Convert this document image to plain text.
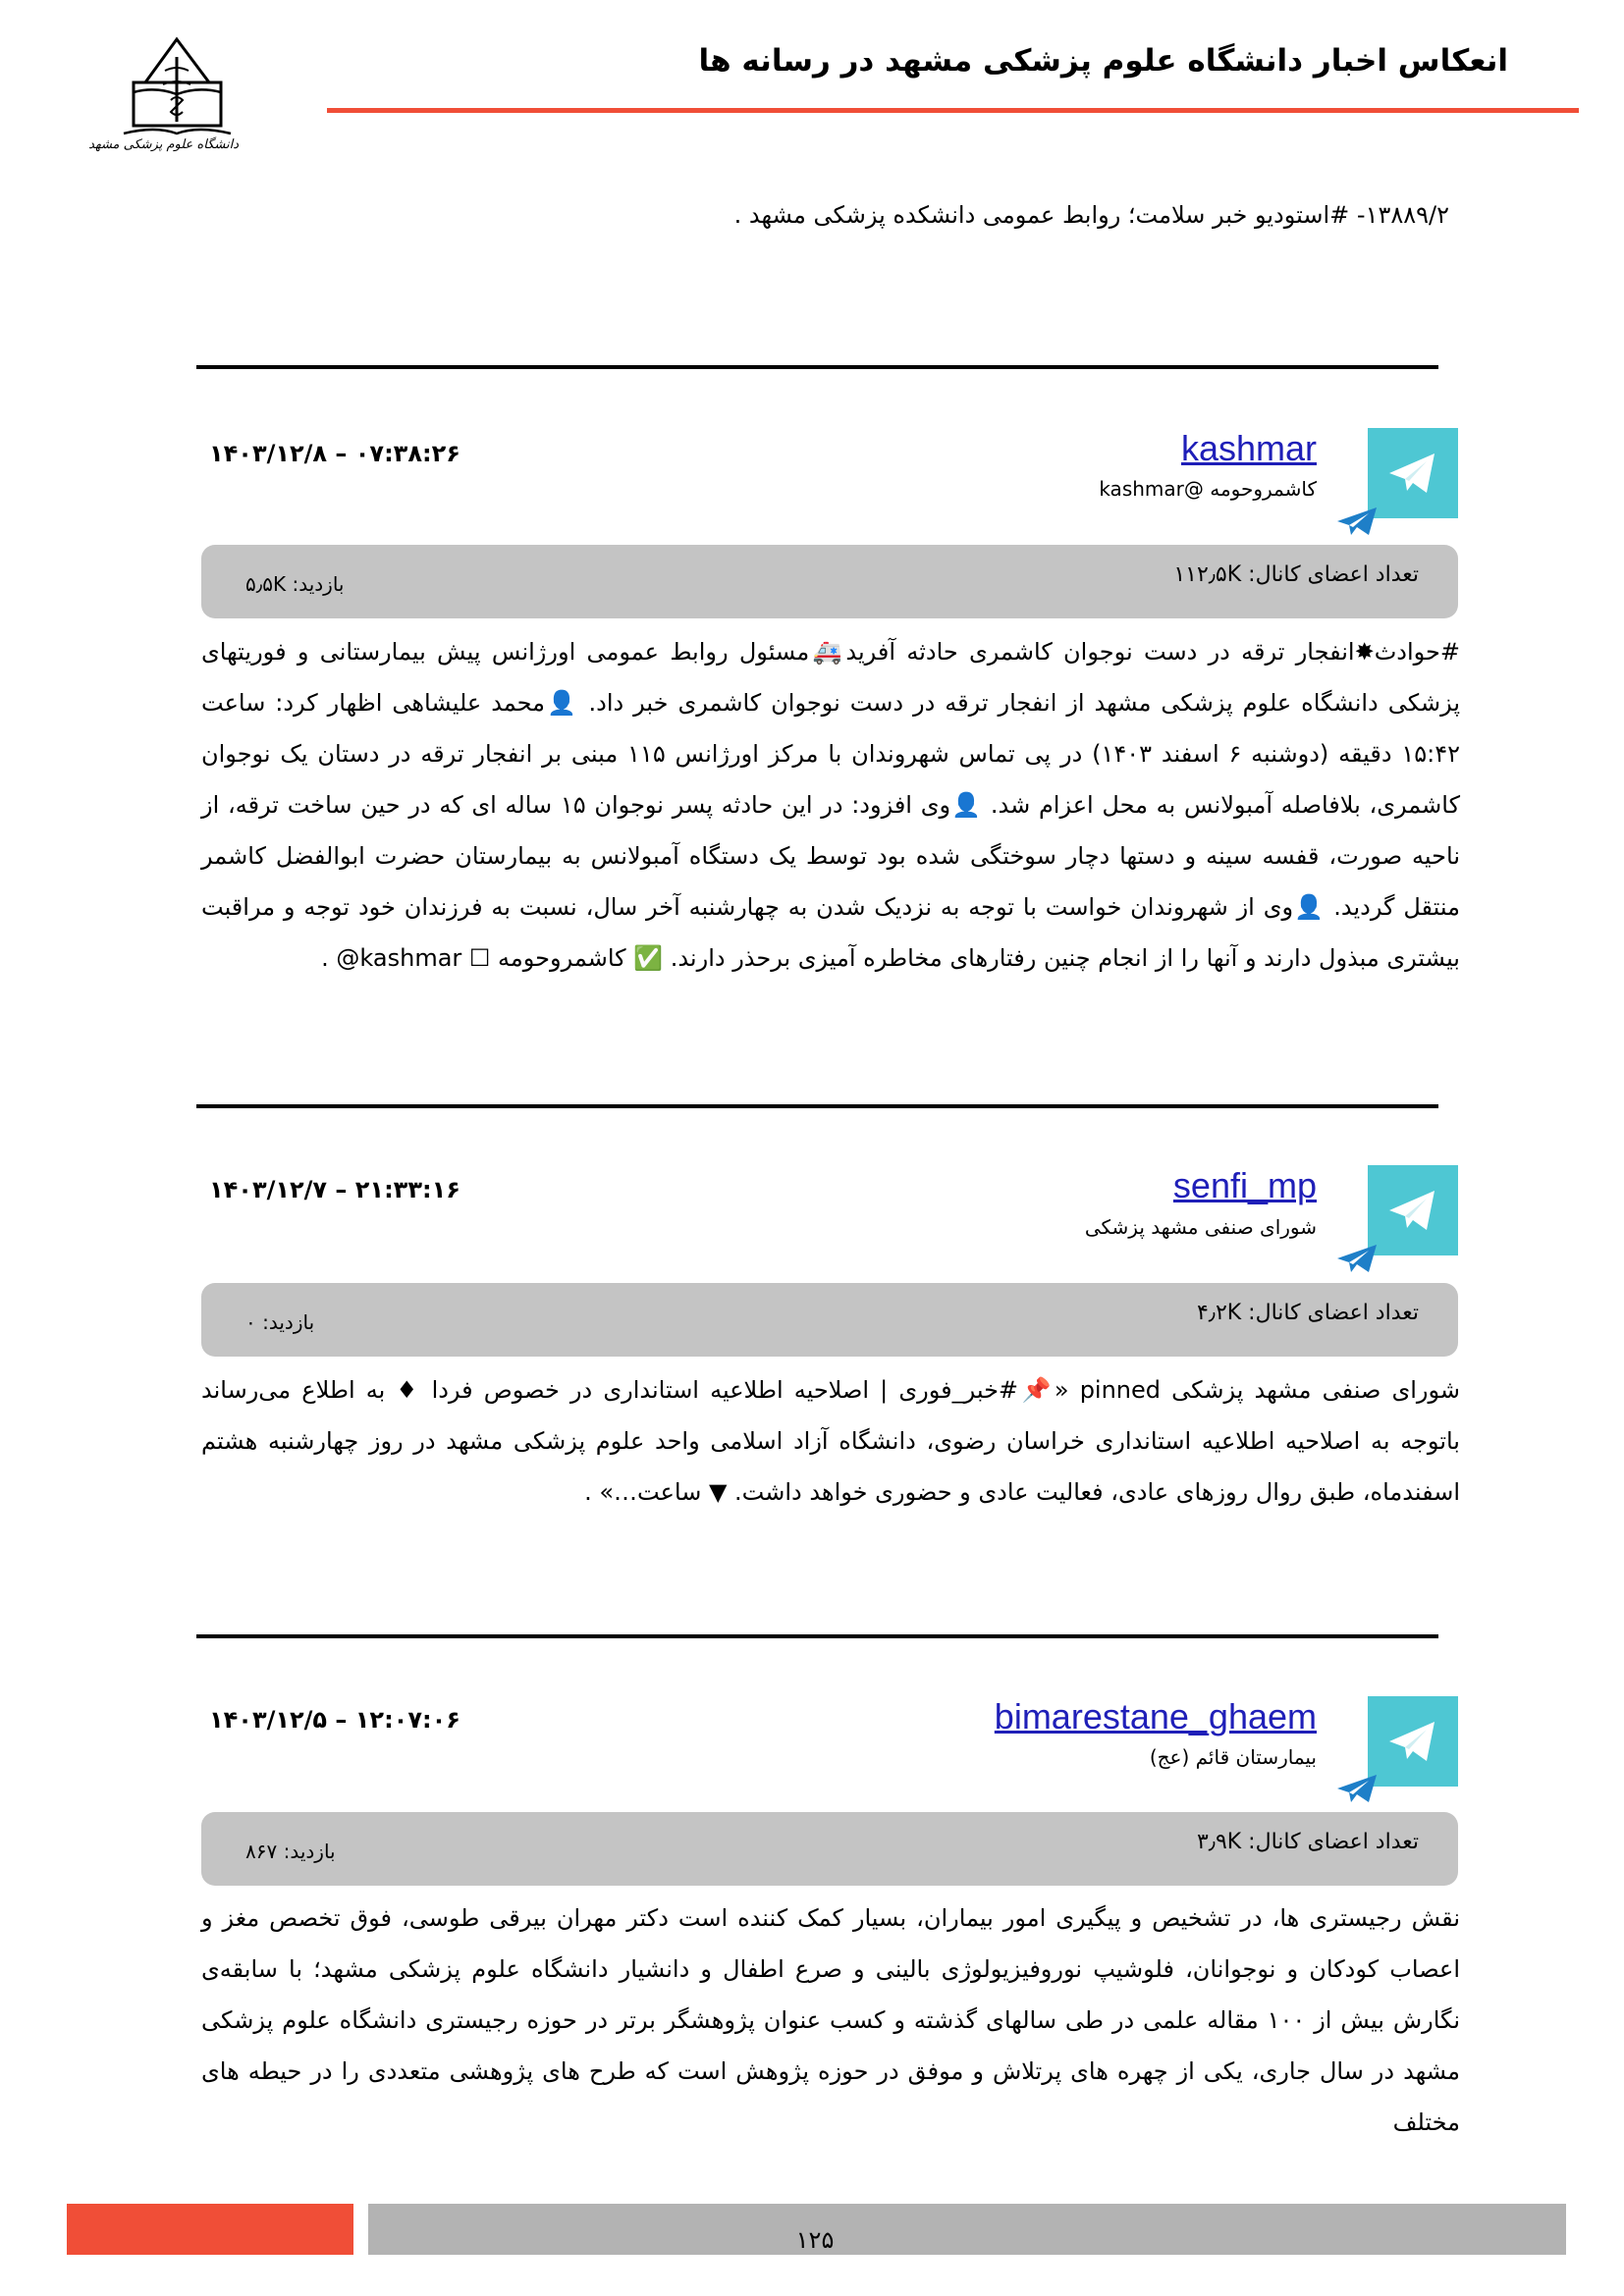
دانشگاه علوم پزشکی مشهد
انعکاس اخبار دانشگاه علوم پزشکی مشهد در رسانه ها
۱۳۸۸۹/۲- #استودیو خبر سلامت؛ روابط عمومی دانشکده پزشکی مشهد .
kashmar
کاشمروحومه @kashmar
۱۴۰۳/۱۲/۸ – ۰۷:۳۸:۲۶
تعداد اعضای کانال: ۱۱۲٫۵K
بازدید: ۵٫۵K
#حوادث✸انفجار ترقه در دست نوجوان کاشمری حادثه آفرید🚑مسئول روابط عمومی اورژانس پیش بیمارستانی و فوریتهای پزشکی دانشگاه علوم پزشکی مشهد از انفجار ترقه در دست نوجوان کاشمری خبر داد. 👤محمد علیشاهی اظهار کرد: ساعت ۱۵:۴۲ دقیقه (دوشنبه ۶ اسفند ۱۴۰۳) در پی تماس شهروندان با مرکز اورژانس ۱۱۵ مبنی بر انفجار ترقه در دستان یک نوجوان کاشمری، بلافاصله آمبولانس به محل اعزام شد. 👤وی افزود: در این حادثه پسر نوجوان ۱۵ ساله ای که در حین ساخت ترقه، از ناحیه صورت، قفسه سینه و دستها دچار سوختگی شده بود توسط یک دستگاه آمبولانس به بیمارستان حضرت ابوالفضل کاشمر منتقل گردید. 👤وی از شهروندان خواست با توجه به نزدیک شدن به چهارشنبه آخر سال، نسبت به فرزندان خود توجه و مراقبت بیشتری مبذول دارند و آنها را از انجام چنین رفتارهای مخاطره آمیزی برحذر دارند. ✅ کاشمروحومه ☐ kashmar@ .
senfi_mp
شورای صنفی مشهد پزشکی
۱۴۰۳/۱۲/۷ – ۲۱:۳۳:۱۶
تعداد اعضای کانال: ۴٫۲K
بازدید: ۰
شورای صنفی مشهد پزشکی pinned «📌#خبر_فوری | اصلاحیه اطلاعیه استانداری در خصوص فردا ♦ به اطلاع می‌رساند باتوجه به اصلاحیه اطلاعیه استانداری خراسان رضوی، دانشگاه آزاد اسلامی واحد علوم پزشکی مشهد در روز چهارشنبه هشتم اسفندماه، طبق روال روزهای عادی، فعالیت عادی و حضوری خواهد داشت. ▼ ساعت…» .
bimarestane_ghaem
بیمارستان قائم (عج)
۱۴۰۳/۱۲/۵ – ۱۲:۰۷:۰۶
تعداد اعضای کانال: ۳٫۹K
بازدید: ۸۶۷
نقش رجیستری ها، در تشخیص و پیگیری امور بیماران، بسیار کمک کننده است دکتر مهران بیرقی طوسی، فوق تخصص مغز و اعصاب کودکان و نوجوانان، فلوشیپ نوروفیزیولوژی بالینی و صرع اطفال و دانشیار دانشگاه علوم پزشکی مشهد؛ با سابقه‌ی نگارش بیش از ۱۰۰ مقاله علمی در طی سالهای گذشته و کسب عنوان پژوهشگر برتر در حوزه رجیستری دانشگاه علوم پزشکی مشهد در سال جاری، یکی از چهره های پرتلاش و موفق در حوزه پژوهش است که طرح های پژوهشی متعددی را در حیطه های مختلف
۱۲۵
